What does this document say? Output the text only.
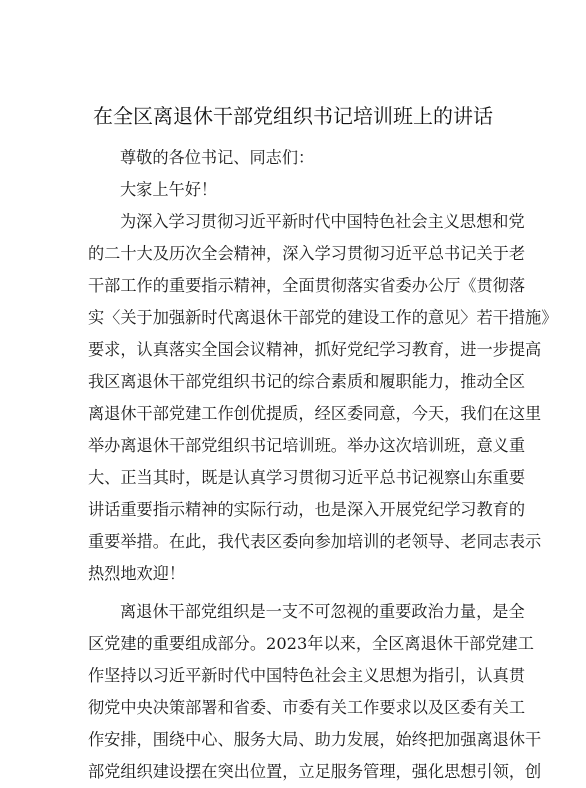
在全区离退休干部党组织书记培训班上的讲话
尊敬的各位书记、同志们：
大家上午好！
为深入学习贯彻习近平新时代中国特色社会主义思想和党
的二十大及历次全会精神，深入学习贯彻习近平总书记关于老
干部工作的重要指示精神，全面贯彻落实省委办公厅《贯彻落
实〈关于加强新时代离退休干部党的建设工作的意见〉若干措施》
要求，认真落实全国会议精神，抓好党纪学习教育，进一步提高
我区离退休干部党组织书记的综合素质和履职能力，推动全区
离退休干部党建工作创优提质，经区委同意，今天，我们在这里
举办离退休干部党组织书记培训班。举办这次培训班，意义重
大、正当其时，既是认真学习贯彻习近平总书记视察山东重要
讲话重要指示精神的实际行动，也是深入开展党纪学习教育的
重要举措。在此，我代表区委向参加培训的老领导、老同志表示
热烈地欢迎！
离退休干部党组织是一支不可忽视的重要政治力量，是全
区党建的重要组成部分。2023年以来，全区离退休干部党建工
作坚持以习近平新时代中国特色社会主义思想为指引，认真贯
彻党中央决策部署和省委、市委有关工作要求以及区委有关工
作安排，围绕中心、服务大局、助力发展，始终把加强离退休干
部党组织建设摆在突出位置，立足服务管理，强化思想引领，创
